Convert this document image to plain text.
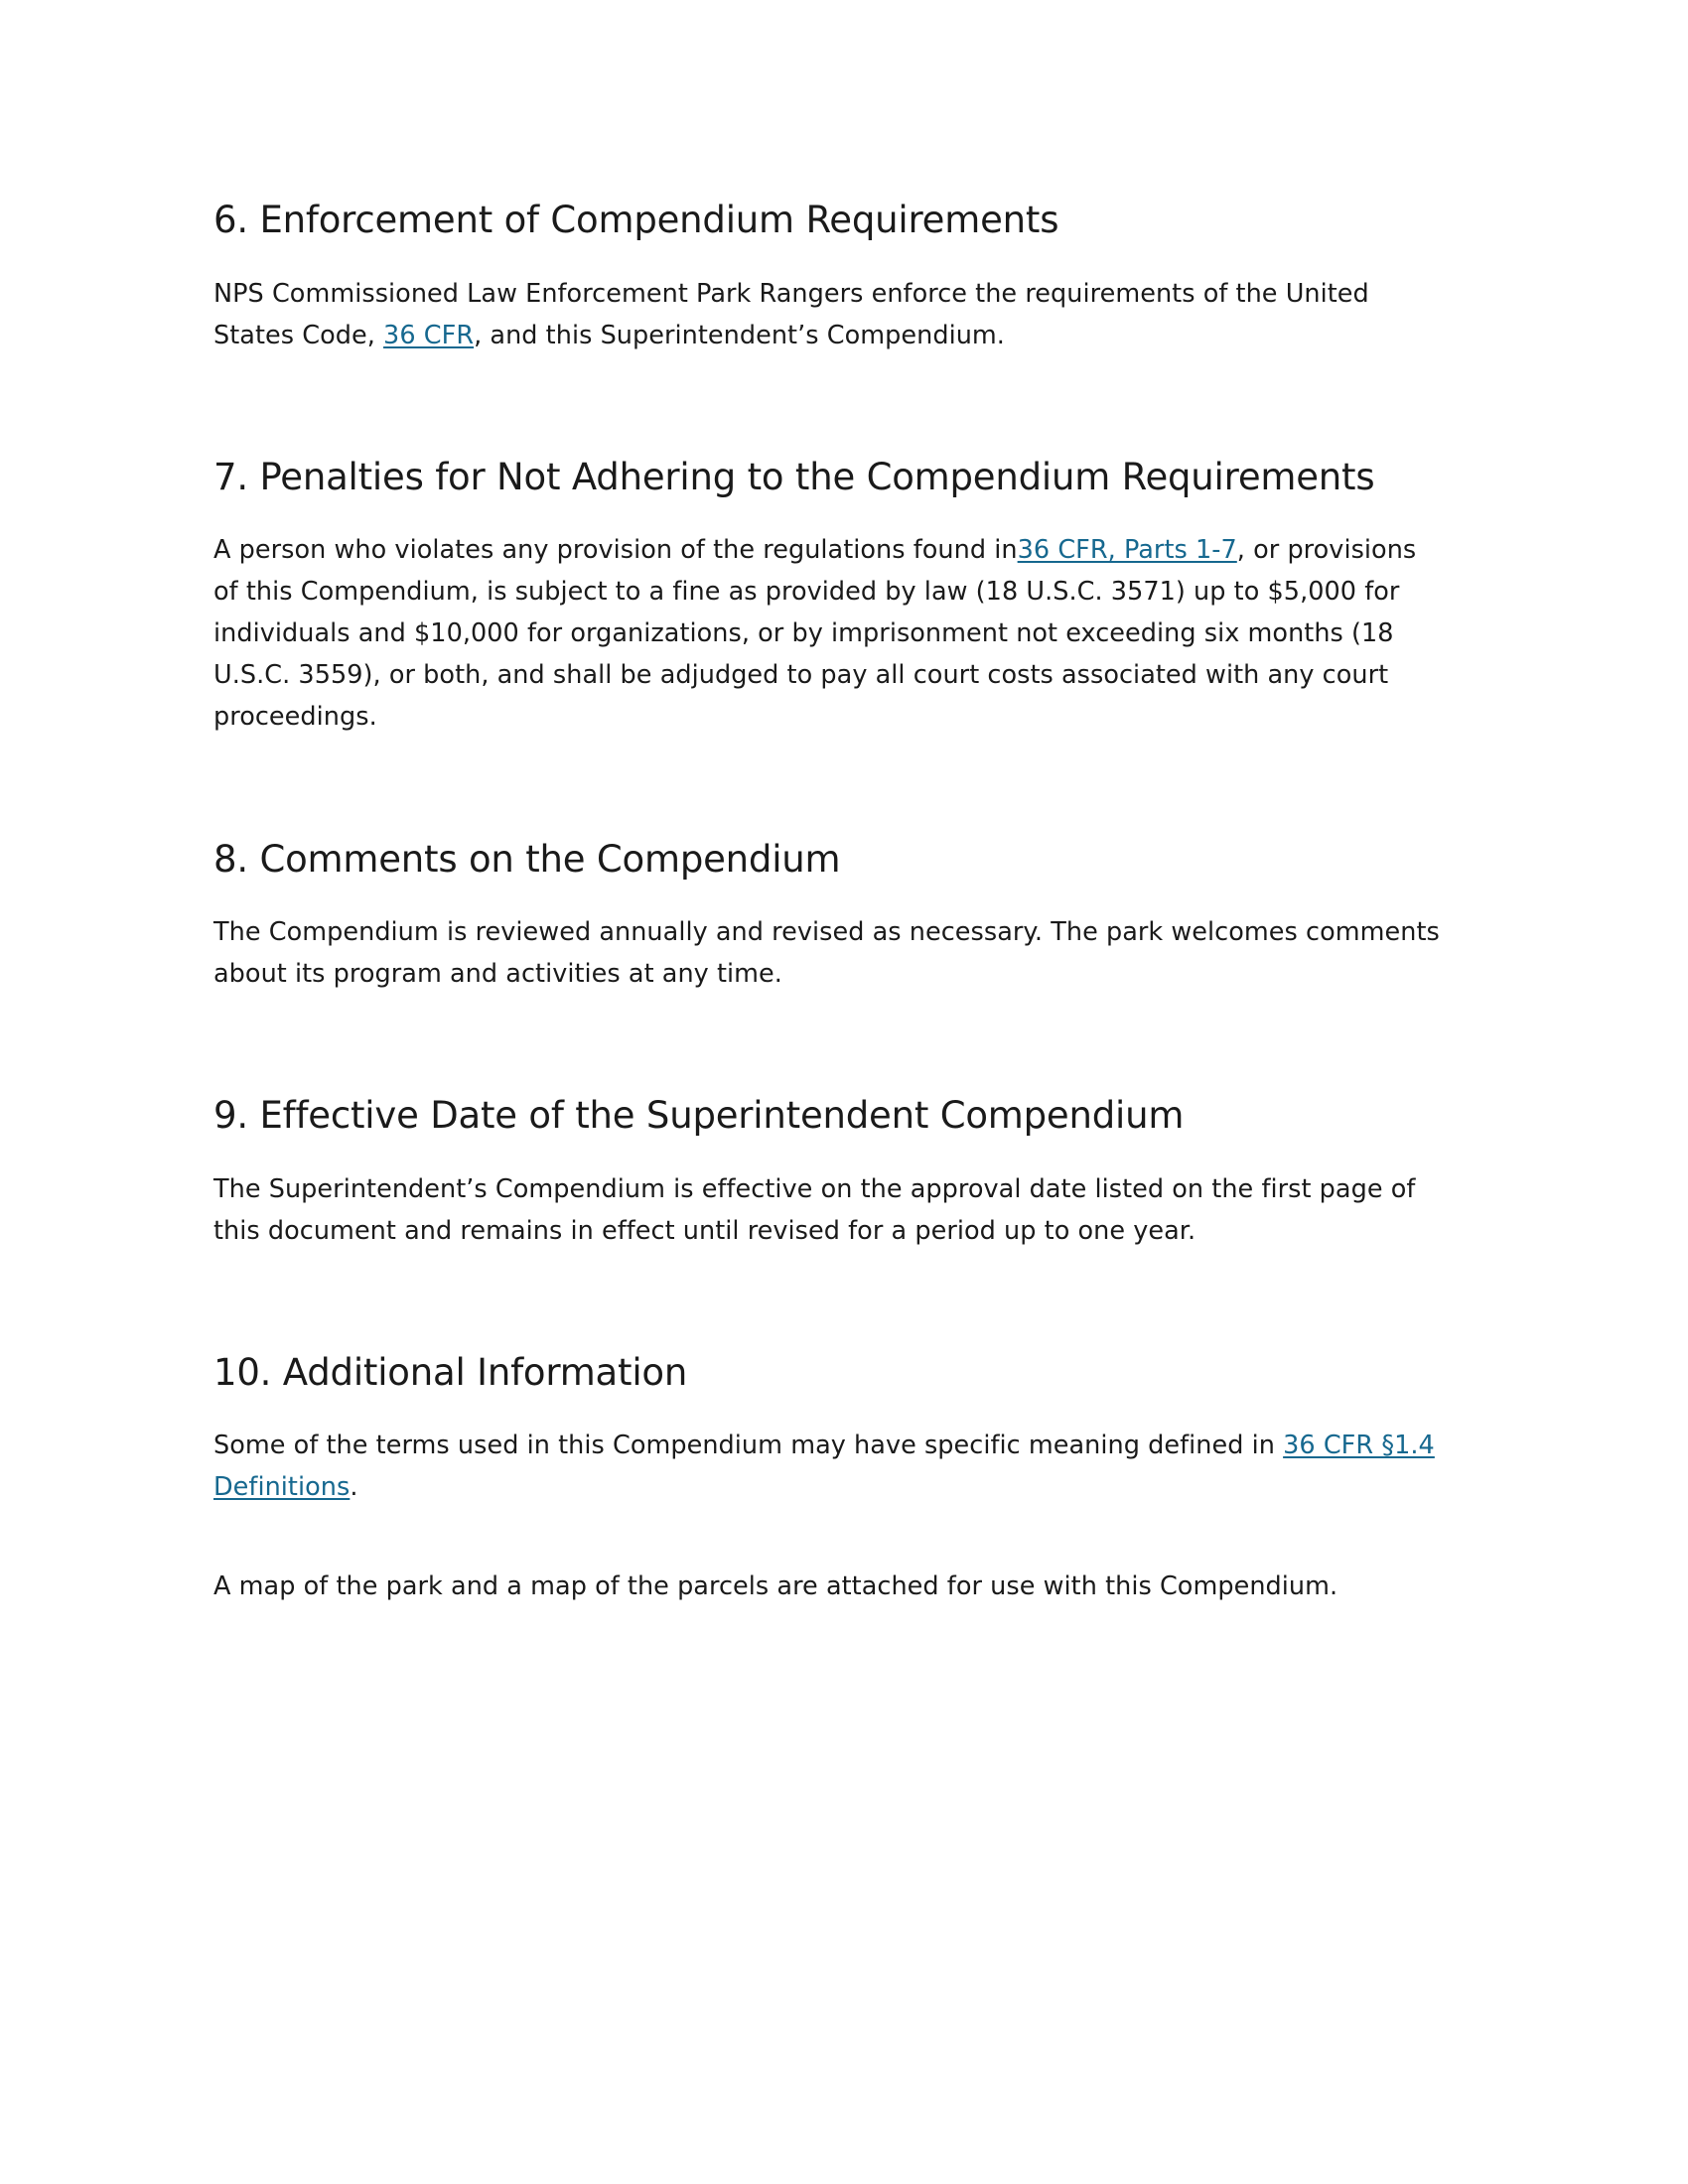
6. Enforcement of Compendium Requirements

NPS Commissioned Law Enforcement Park Rangers enforce the requirements of the United States Code, 36 CFR, and this Superintendent’s Compendium.

7. Penalties for Not Adhering to the Compendium Requirements

A person who violates any provision of the regulations found in36 CFR, Parts 1-7, or provisions of this Compendium, is subject to a fine as provided by law (18 U.S.C. 3571) up to $5,000 for individuals and $10,000 for organizations, or by imprisonment not exceeding six months (18 U.S.C. 3559), or both, and shall be adjudged to pay all court costs associated with any court proceedings.

8. Comments on the Compendium

The Compendium is reviewed annually and revised as necessary. The park welcomes comments about its program and activities at any time.

9. Effective Date of the Superintendent Compendium

The Superintendent’s Compendium is effective on the approval date listed on the first page of this document and remains in effect until revised for a period up to one year.

10. Additional Information

Some of the terms used in this Compendium may have specific meaning defined in 36 CFR §1.4 Definitions.

A map of the park and a map of the parcels are attached for use with this Compendium.
